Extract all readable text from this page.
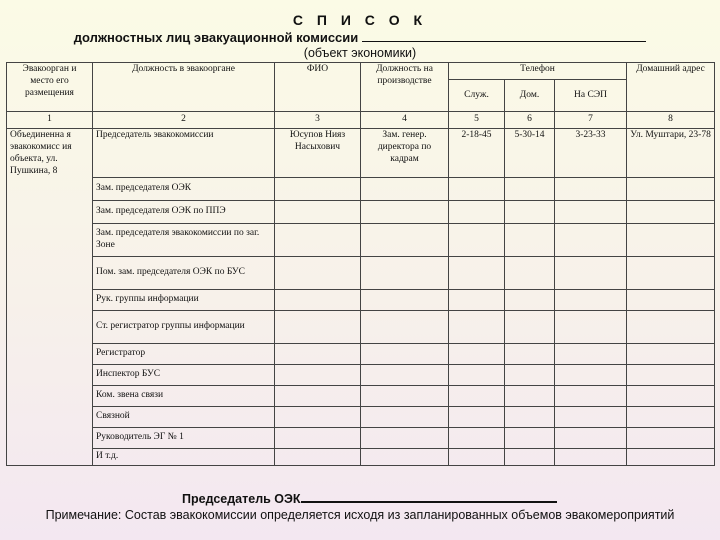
С П И С О К
должностных лиц эвакуационной комиссии
(объект экономики)
Эвакоорган и место его размещения	Должность в эвакооргане	ФИО	Должность на производстве	Телефон			Домашний адрес
				Служ.	Дом.	На СЭП	
1	2	3	4	5	6	7	8
Объединенна я эвакокомисс ия объекта, ул. Пушкина, 8	Председатель эвакокомиссии	Юсупов Нияз Насыхович	Зам. генер. директора по кадрам	2-18-45	5-30-14	3-23-33	Ул. Муштари, 23-78
	Зам. председателя ОЭК						
	Зам. председателя ОЭК по ППЭ						
	Зам. председателя эвакокомиссии по заг. Зоне						
	Пом. зам. председателя ОЭК по БУС						
	Рук. группы информации						
	Ст. регистратор группы информации						
	Регистратор						
	Инспектор БУС						
	Ком. звена связи						
	Связной						
	Руководитель ЭГ № 1						
	И т.д.						
Председатель ОЭК
Примечание: Состав эвакокомиссии определяется исходя из запланированных объемов эвакомероприятий
